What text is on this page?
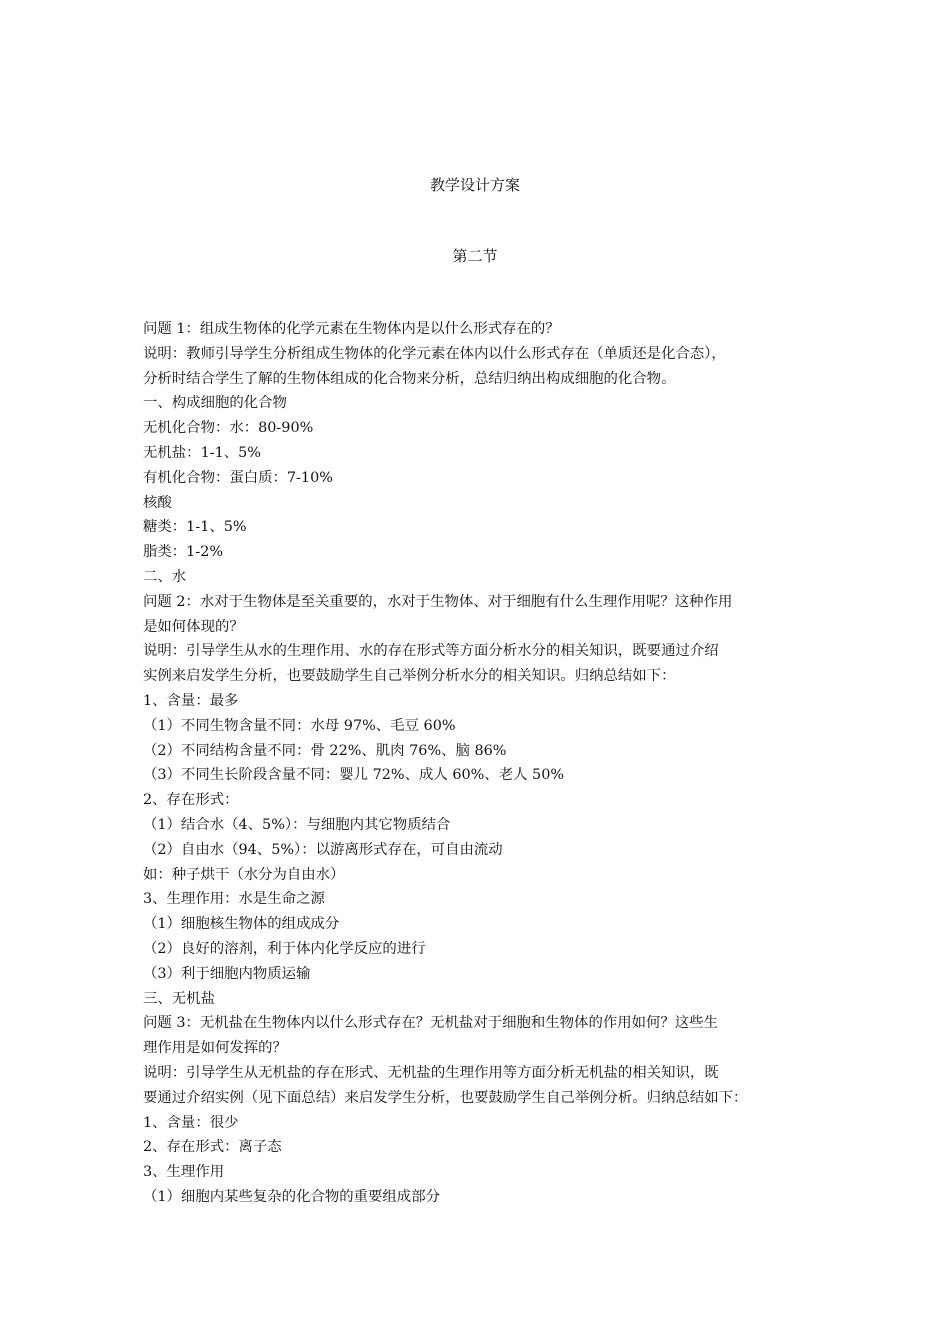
教学设计方案
第二节
问题 1：组成生物体的化学元素在生物体内是以什么形式存在的？
说明：教师引导学生分析组成生物体的化学元素在体内以什么形式存在（单质还是化合态），
分析时结合学生了解的生物体组成的化合物来分析，总结归纳出构成细胞的化合物。
一、构成细胞的化合物
无机化合物：水：80-90%
无机盐：1-1、5%
有机化合物：蛋白质：7-10%
核酸
糖类：1-1、5%
脂类：1-2%
二、水
问题 2：水对于生物体是至关重要的，水对于生物体、对于细胞有什么生理作用呢？这种作用
是如何体现的？
说明：引导学生从水的生理作用、水的存在形式等方面分析水分的相关知识，既要通过介绍
实例来启发学生分析，也要鼓励学生自己举例分析水分的相关知识。归纳总结如下：
1、含量：最多
（1）不同生物含量不同：水母 97%、毛豆 60%
（2）不同结构含量不同：骨 22%、肌肉 76%、脑 86%
（3）不同生长阶段含量不同：婴儿 72%、成人 60%、老人 50%
2、存在形式：
（1）结合水（4、5%）：与细胞内其它物质结合
（2）自由水（94、5%）：以游离形式存在，可自由流动
如：种子烘干（水分为自由水）
3、生理作用：水是生命之源
（1）细胞核生物体的组成成分
（2）良好的溶剂，利于体内化学反应的进行
（3）利于细胞内物质运输
三、无机盐
问题 3：无机盐在生物体内以什么形式存在？无机盐对于细胞和生物体的作用如何？这些生
理作用是如何发挥的？
说明：引导学生从无机盐的存在形式、无机盐的生理作用等方面分析无机盐的相关知识，既
要通过介绍实例（见下面总结）来启发学生分析，也要鼓励学生自己举例分析。归纳总结如下：
1、含量：很少
2、存在形式：离子态
3、生理作用
（1）细胞内某些复杂的化合物的重要组成部分
